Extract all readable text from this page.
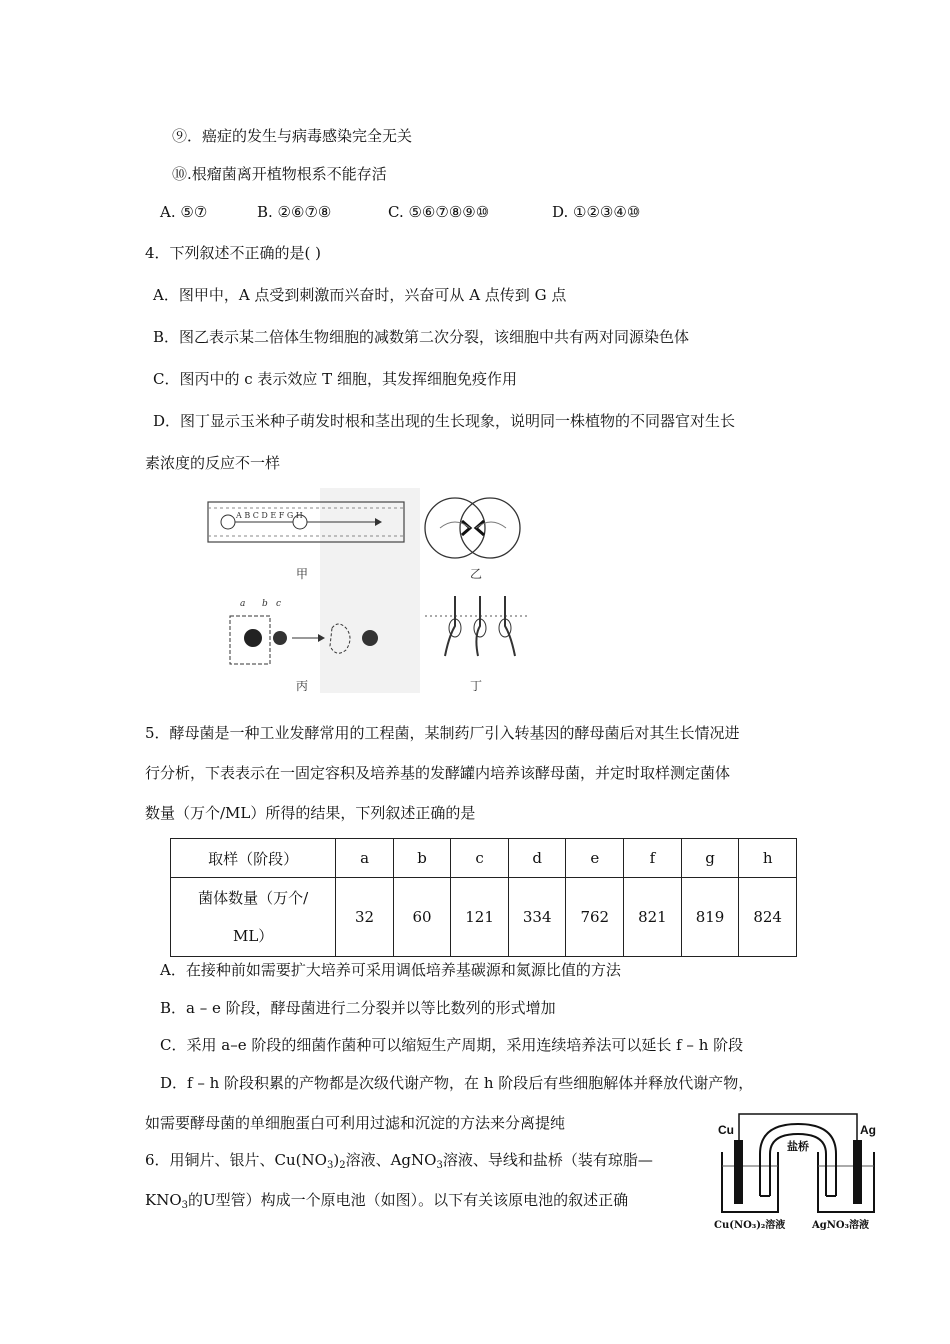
⑨．癌症的发生与病毒感染完全无关
⑩.根瘤菌离开植物根系不能存活
A. ⑤⑦	B. ②⑥⑦⑧	C. ⑤⑥⑦⑧⑨⑩	D. ①②③④⑩
4．下列叙述不正确的是( )
A．图甲中，A 点受到刺激而兴奋时，兴奋可从 A 点传到 G 点
B．图乙表示某二倍体生物细胞的减数第二次分裂，该细胞中共有两对同源染色体
C．图丙中的 c 表示效应 T 细胞，其发挥细胞免疫作用
D．图丁显示玉米种子萌发时根和茎出现的生长现象，说明同一株植物的不同器官对生长
素浓度的反应不一样
A B C D E F G H
甲	乙
a b c
丙	丁
5．酵母菌是一种工业发酵常用的工程菌，某制药厂引入转基因的酵母菌后对其生长情况进
行分析，下表表示在一固定容积及培养基的发酵罐内培养该酵母菌，并定时取样测定菌体
数量（万个/ML）所得的结果，下列叙述正确的是
取样（阶段）	a	b	c	d	e	f	g	h

菌体数量（万个/
ML）	32	60	121	334	762	821	819	824
A．在接种前如需要扩大培养可采用调低培养基碳源和氮源比值的方法
B．a – e 阶段，酵母菌进行二分裂并以等比数列的形式增加
C．采用 a–e 阶段的细菌作菌种可以缩短生产周期，采用连续培养法可以延长 f – h 阶段
D．f – h 阶段积累的产物都是次级代谢产物，在 h 阶段后有些细胞解体并释放代谢产物，
如需要酵母菌的单细胞蛋白可利用过滤和沉淀的方法来分离提纯
6．用铜片、银片、$Cu(NO_3)_2$溶液、AgNO$_3$溶液、导线和盐桥（装有琼脂—
$KNO_3$的U型管）构成一个原电池（如图）。以下有关该原电池的叙述正确
Cu	Ag
盐桥
Cu(NO₃)₂溶液	AgNO₃溶液
